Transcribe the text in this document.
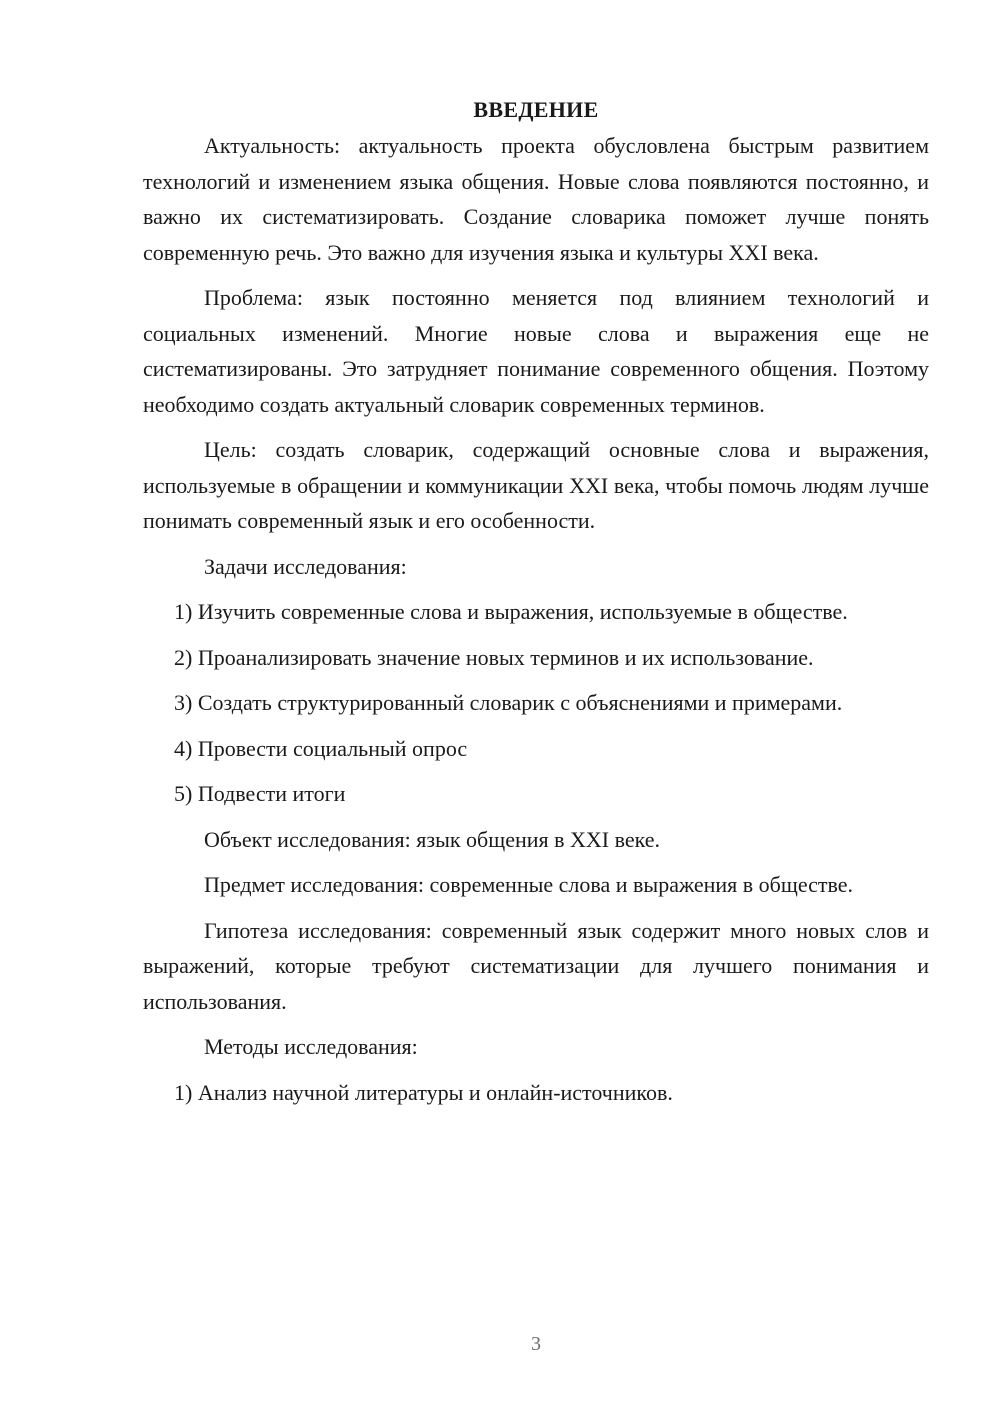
ВВЕДЕНИЕ

Актуальность: актуальность проекта обусловлена быстрым развитием технологий и изменением языка общения. Новые слова появляются постоянно, и важно их систематизировать. Создание словарика поможет лучше понять современную речь. Это важно для изучения языка и культуры XXI века.

Проблема: язык постоянно меняется под влиянием технологий и социальных изменений. Многие новые слова и выражения еще не систематизированы. Это затрудняет понимание современного общения. Поэтому необходимо создать актуальный словарик современных терминов.

Цель: создать словарик, содержащий основные слова и выражения, используемые в обращении и коммуникации XXI века, чтобы помочь людям лучше понимать современный язык и его особенности.

Задачи исследования:

1) Изучить современные слова и выражения, используемые в обществе.

2) Проанализировать значение новых терминов и их использование.

3) Создать структурированный словарик с объяснениями и примерами.

4) Провести социальный опрос

5) Подвести итоги

Объект исследования: язык общения в XXI веке.

Предмет исследования: современные слова и выражения в обществе.

Гипотеза исследования: современный язык содержит много новых слов и выражений, которые требуют систематизации для лучшего понимания и использования.

Методы исследования:

1) Анализ научной литературы и онлайн-источников.

3
